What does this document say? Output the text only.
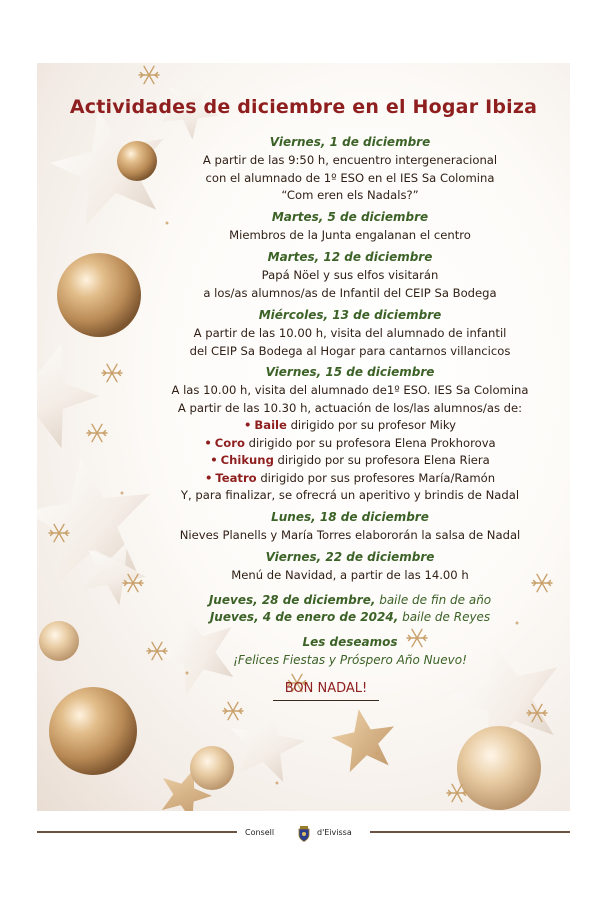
Actividades de diciembre en el Hogar Ibiza
Viernes, 1 de diciembre
A partir de las 9:50 h, encuentro intergeneracional
con el alumnado de 1º ESO en el IES Sa Colomina
“Com eren els Nadals?”
Martes, 5 de diciembre
Miembros de la Junta engalanan el centro
Martes, 12 de diciembre
Papá Nöel y sus elfos visitarán
a los/as alumnos/as de Infantil del CEIP Sa Bodega
Miércoles, 13 de diciembre
A partir de las 10.00 h, visita del alumnado de infantil
del CEIP Sa Bodega al Hogar para cantarnos villancicos
Viernes, 15 de diciembre
A las 10.00 h, visita del alumnado de1º ESO. IES Sa Colomina
A partir de las 10.30 h, actuación de los/las alumnos/as de:
• Baile dirigido por su profesor Miky
• Coro dirigido por su profesora Elena Prokhorova
• Chikung dirigido por su profesora Elena Riera
• Teatro dirigido por sus profesores María/Ramón
Y, para finalizar, se ofrecrá un aperitivo y brindis de Nadal
Lunes, 18 de diciembre
Nieves Planells y María Torres elabororán la salsa de Nadal
Viernes, 22 de diciembre
Menú de Navidad, a partir de las 14.00 h
Jueves, 28 de diciembre, baile de fin de año
Jueves, 4 de enero de 2024, baile de Reyes
Les deseamos
¡Felices Fiestas y Próspero Año Nuevo!
BON NADAL!
Consell	d'Eivissa
